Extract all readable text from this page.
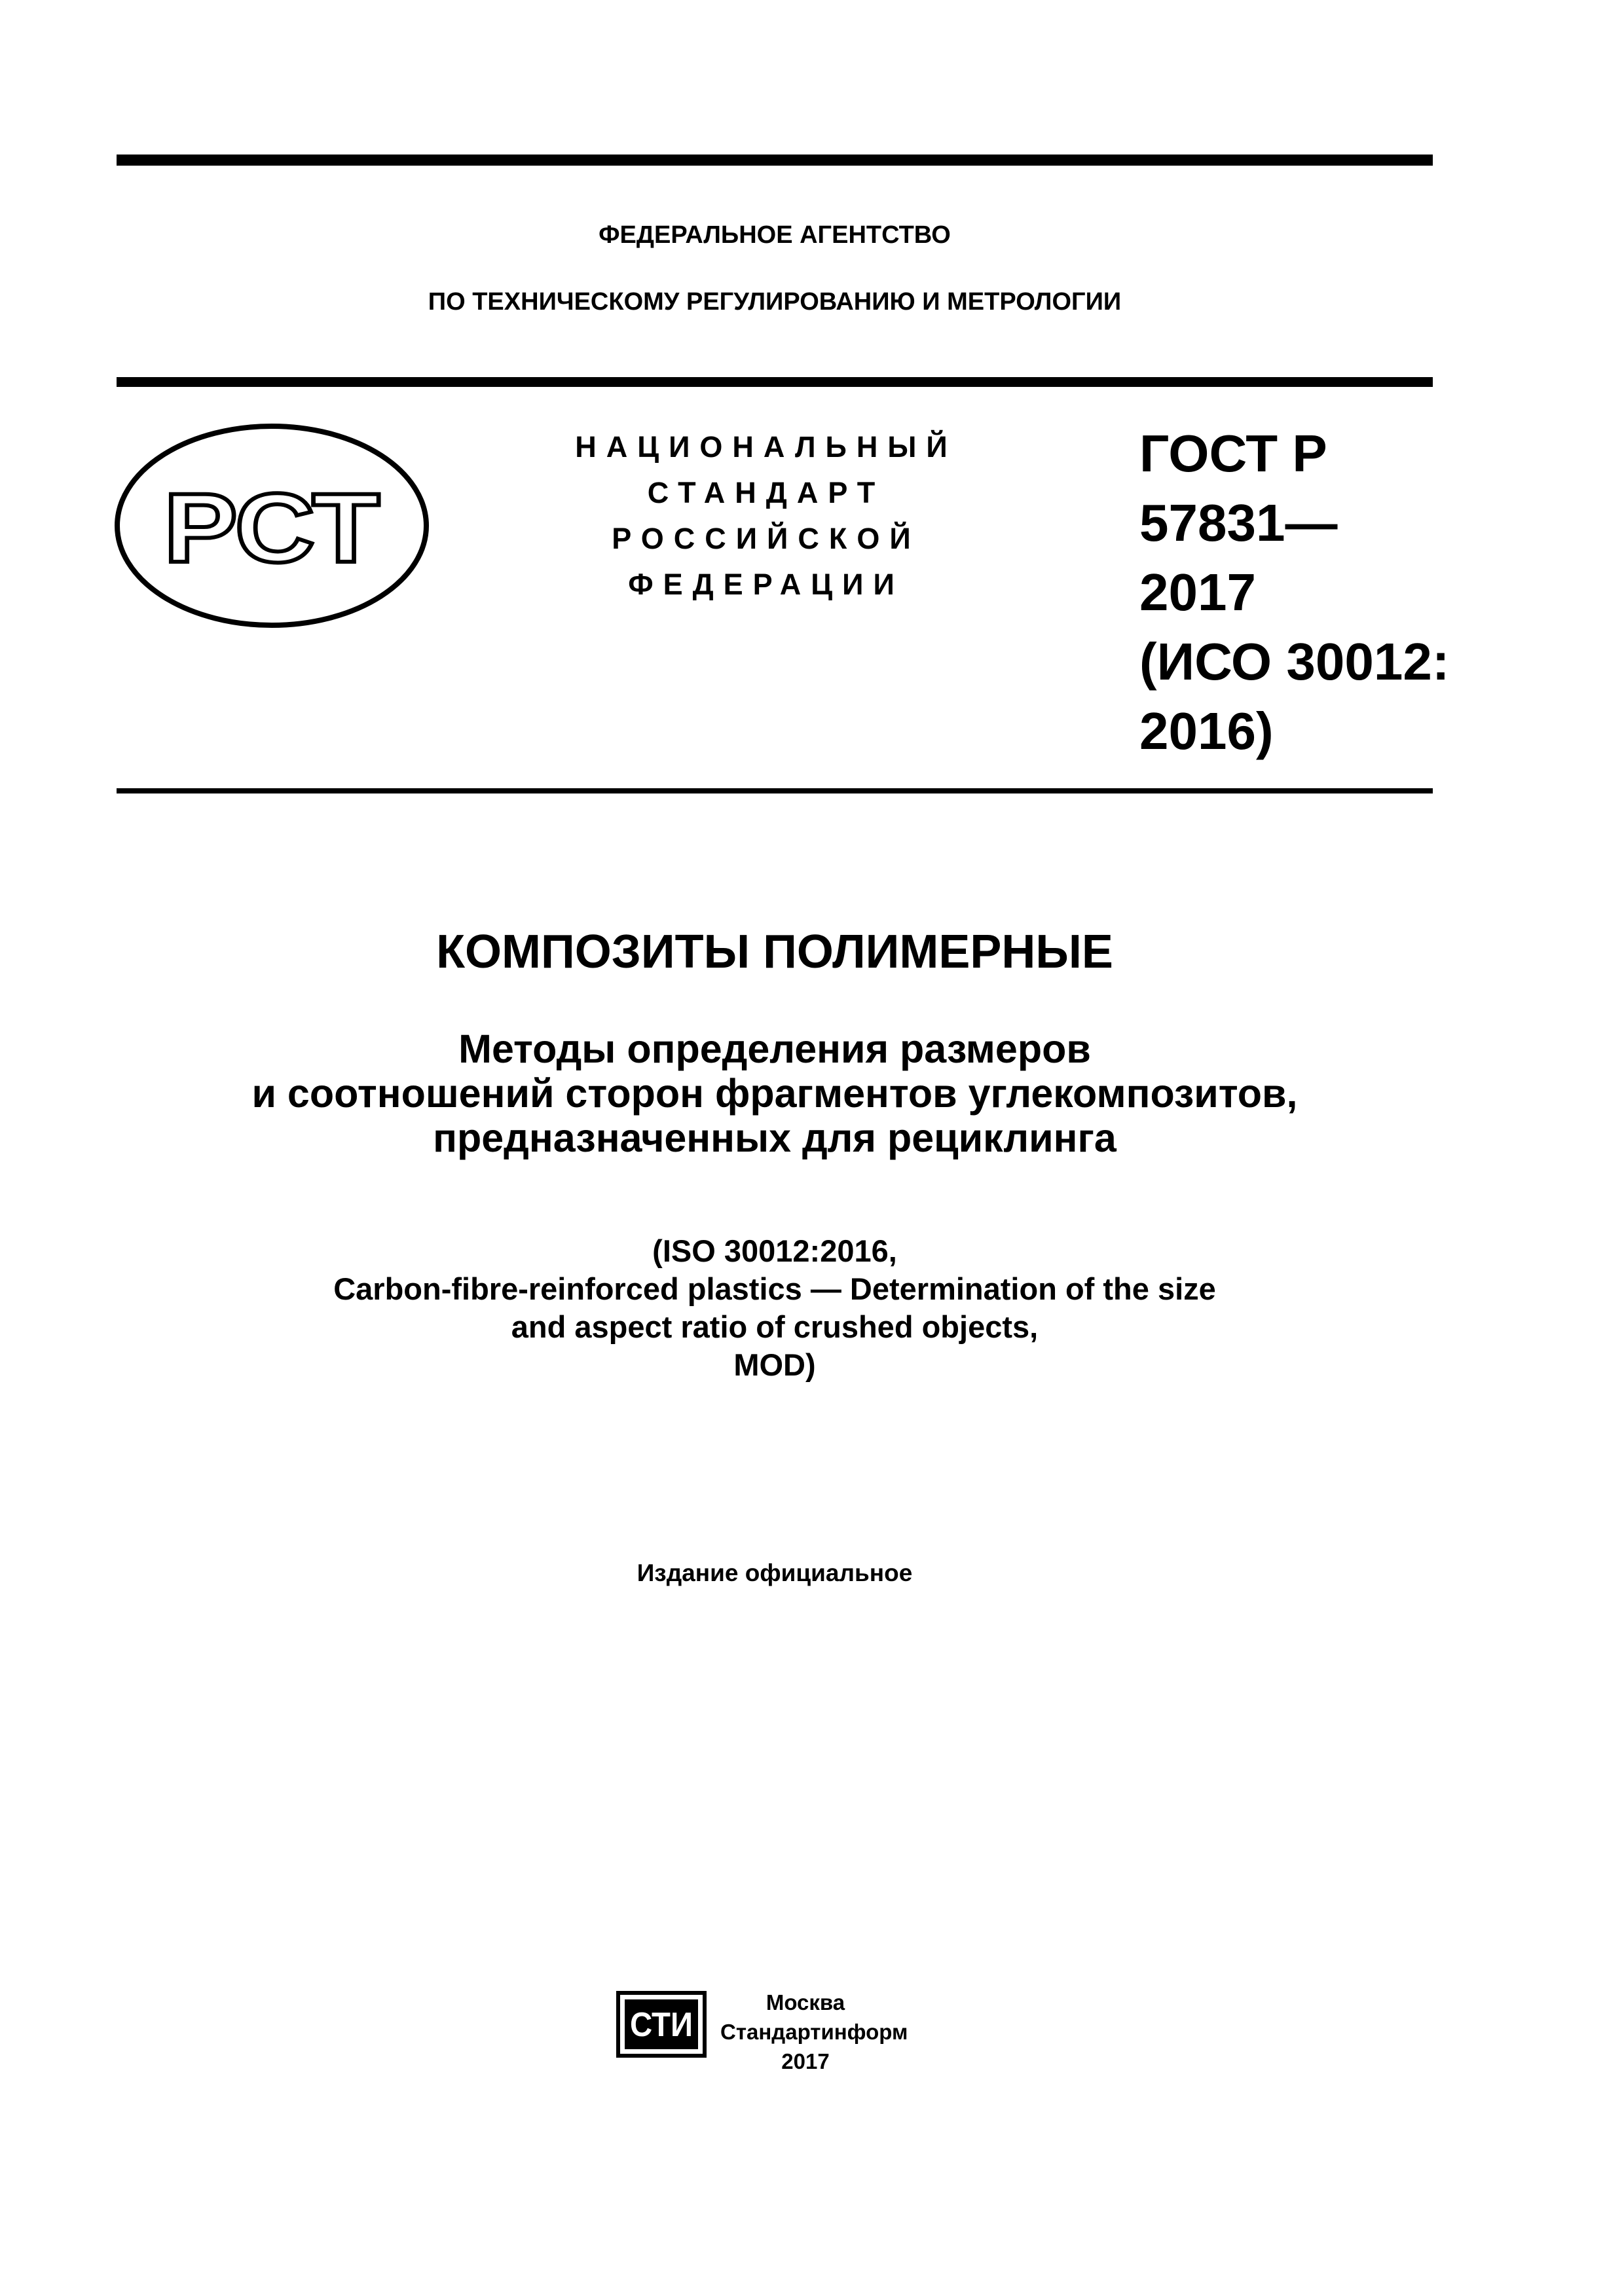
ФЕДЕРАЛЬНОЕ АГЕНТСТВО

ПО ТЕХНИЧЕСКОМУ РЕГУЛИРОВАНИЮ И МЕТРОЛОГИИ

РСТ
НАЦИОНАЛЬНЫЙ
СТАНДАРТ
РОССИЙСКОЙ
ФЕДЕРАЦИИ
ГОСТ Р
57831—
2017
(ИСО 30012:
2016)
КОМПОЗИТЫ ПОЛИМЕРНЫЕ
Методы определения размеров
и соотношений сторон фрагментов углекомпозитов,
предназначенных для рециклинга
(ISO 30012:2016,
Carbon-fibre-reinforced plastics — Determination of the size
and aspect ratio of crushed objects,
MOD)
Издание официальное
СТИ
Москва
Стандартинформ
2017
